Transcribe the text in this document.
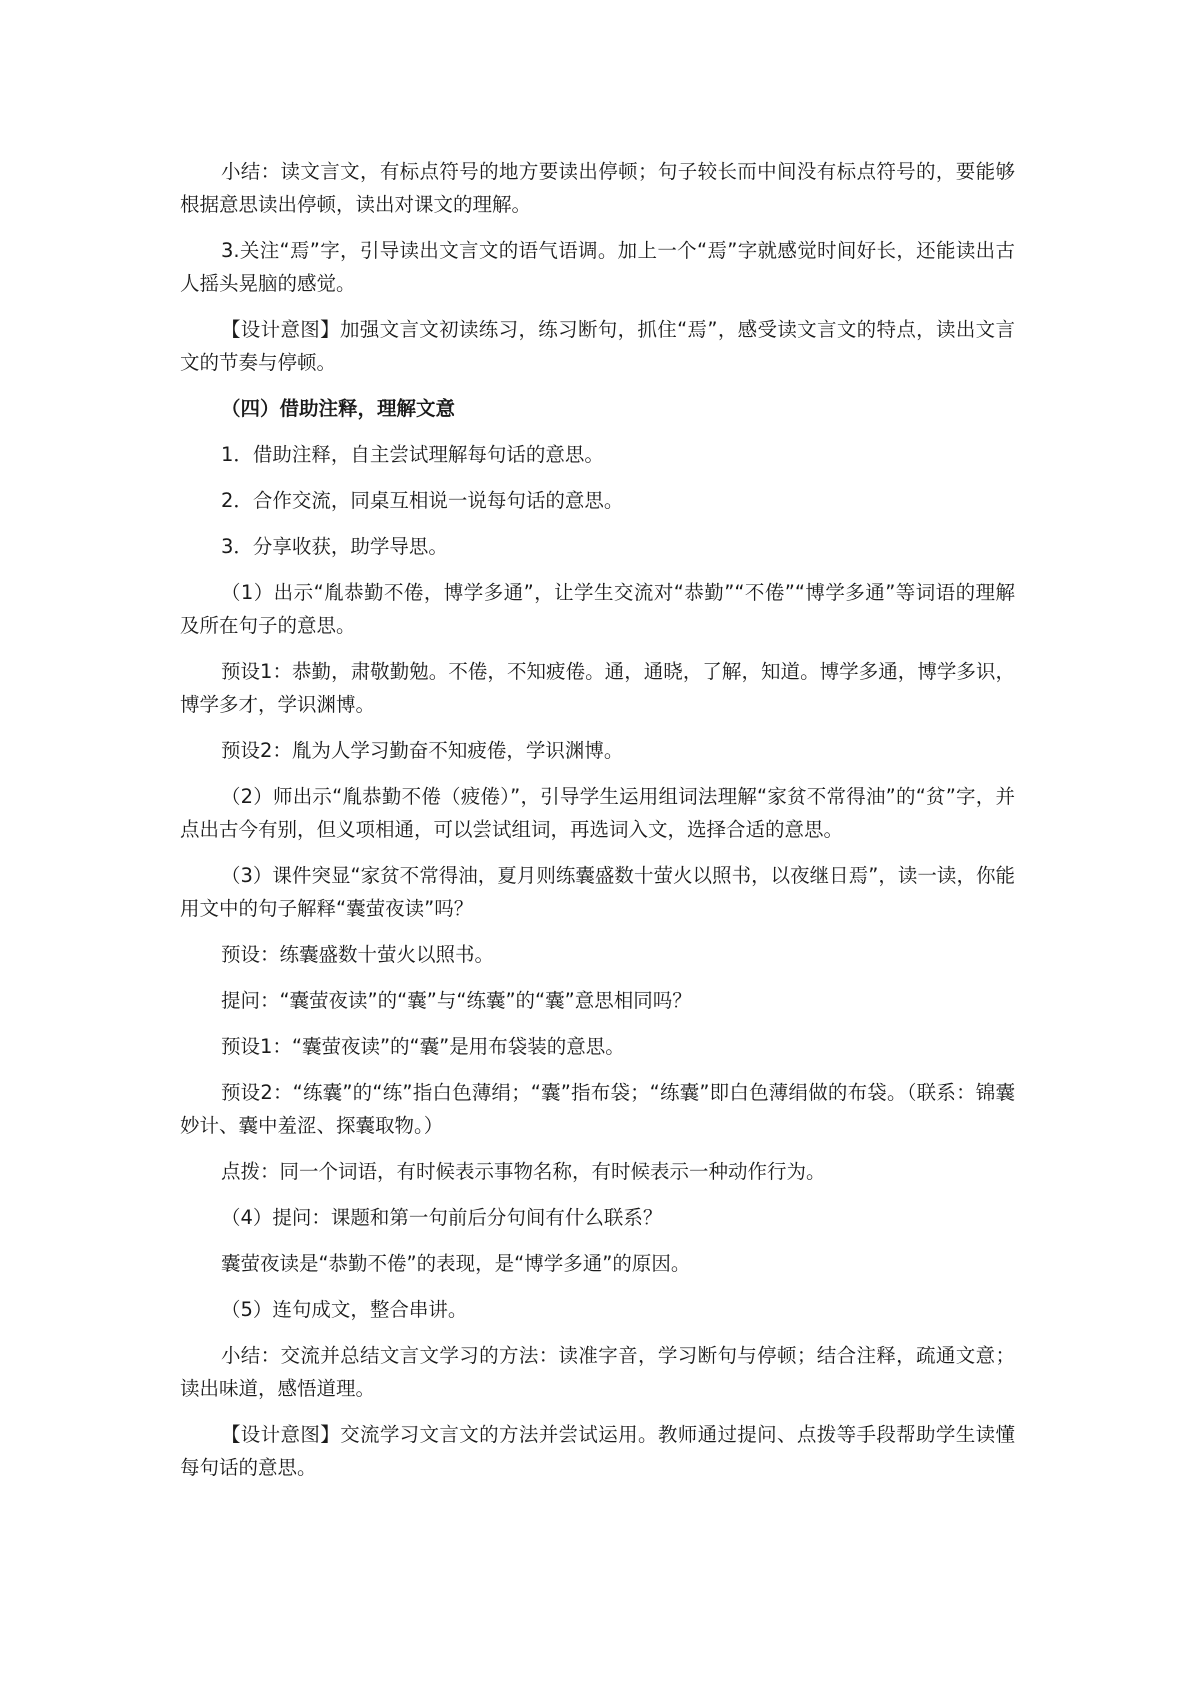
小结：读文言文，有标点符号的地方要读出停顿；句子较长而中间没有标点符号的，要能够根据意思读出停顿，读出对课文的理解。

3.关注“焉”字，引导读出文言文的语气语调。加上一个“焉”字就感觉时间好长，还能读出古人摇头晃脑的感觉。

【设计意图】加强文言文初读练习，练习断句，抓住“焉”，感受读文言文的特点，读出文言文的节奏与停顿。

（四）借助注释，理解文意

1．借助注释，自主尝试理解每句话的意思。

2．合作交流，同桌互相说一说每句话的意思。

3．分享收获，助学导思。

（1）出示“胤恭勤不倦，博学多通”，让学生交流对“恭勤”“不倦”“博学多通”等词语的理解及所在句子的意思。

预设1：恭勤，肃敬勤勉。不倦，不知疲倦。通，通晓，了解，知道。博学多通，博学多识，博学多才，学识渊博。

预设2：胤为人学习勤奋不知疲倦，学识渊博。

（2）师出示“胤恭勤不倦（疲倦）”，引导学生运用组词法理解“家贫不常得油”的“贫”字，并点出古今有别，但义项相通，可以尝试组词，再选词入文，选择合适的意思。

（3）课件突显“家贫不常得油，夏月则练囊盛数十萤火以照书，以夜继日焉”，读一读，你能用文中的句子解释“囊萤夜读”吗？

预设：练囊盛数十萤火以照书。

提问：“囊萤夜读”的“囊”与“练囊”的“囊”意思相同吗？

预设1：“囊萤夜读”的“囊”是用布袋装的意思。

预设2：“练囊”的“练”指白色薄绢；“囊”指布袋；“练囊”即白色薄绢做的布袋。（联系：锦囊妙计、囊中羞涩、探囊取物。）

点拨：同一个词语，有时候表示事物名称，有时候表示一种动作行为。

（4）提问：课题和第一句前后分句间有什么联系？

囊萤夜读是“恭勤不倦”的表现，是“博学多通”的原因。

（5）连句成文，整合串讲。

小结：交流并总结文言文学习的方法：读准字音，学习断句与停顿；结合注释，疏通文意；读出味道，感悟道理。

【设计意图】交流学习文言文的方法并尝试运用。教师通过提问、点拨等手段帮助学生读懂每句话的意思。
